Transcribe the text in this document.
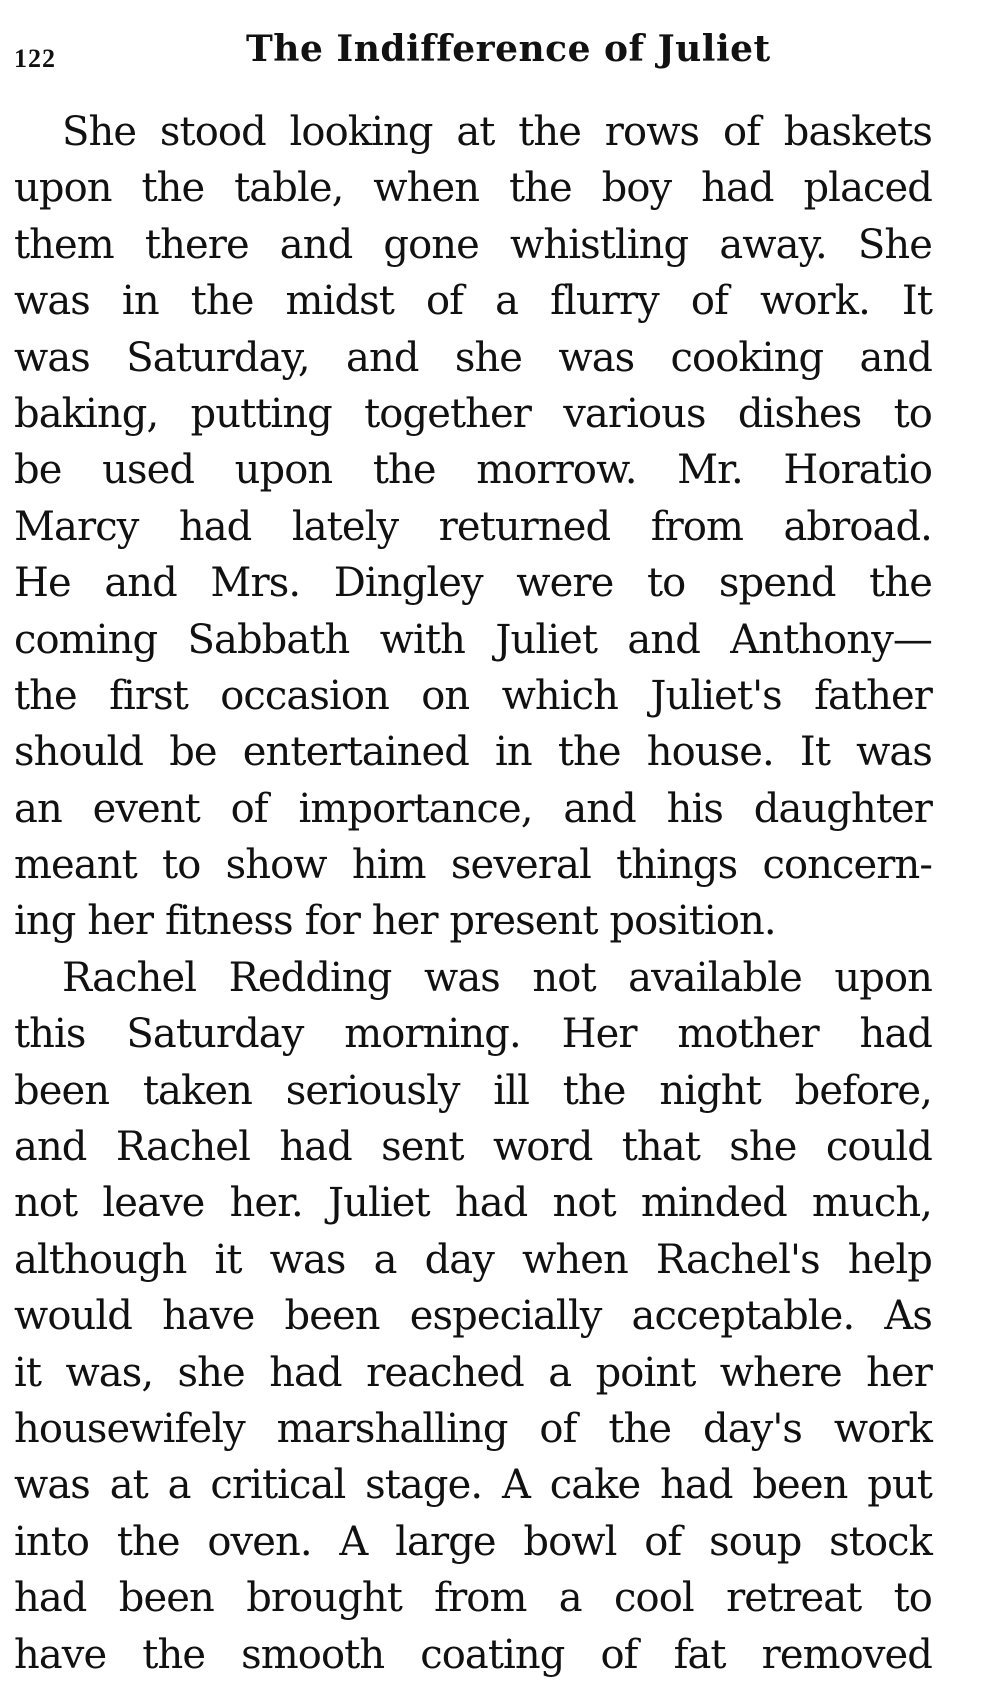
122	The Indifference of Juliet
She stood looking at the rows of baskets
upon the table, when the boy had placed
them there and gone whistling away. She
was in the midst of a flurry of work. It
was Saturday, and she was cooking and
baking, putting together various dishes to
be used upon the morrow. Mr. Horatio
Marcy had lately returned from abroad.
He and Mrs. Dingley were to spend the
coming Sabbath with Juliet and Anthony—
the first occasion on which Juliet's father
should be entertained in the house. It was
an event of importance, and his daughter
meant to show him several things concern-
ing her fitness for her present position.
Rachel Redding was not available upon
this Saturday morning. Her mother had
been taken seriously ill the night before,
and Rachel had sent word that she could
not leave her. Juliet had not minded much,
although it was a day when Rachel's help
would have been especially acceptable. As
it was, she had reached a point where her
housewifely marshalling of the day's work
was at a critical stage. A cake had been put
into the oven. A large bowl of soup stock
had been brought from a cool retreat to
have the smooth coating of fat removed
